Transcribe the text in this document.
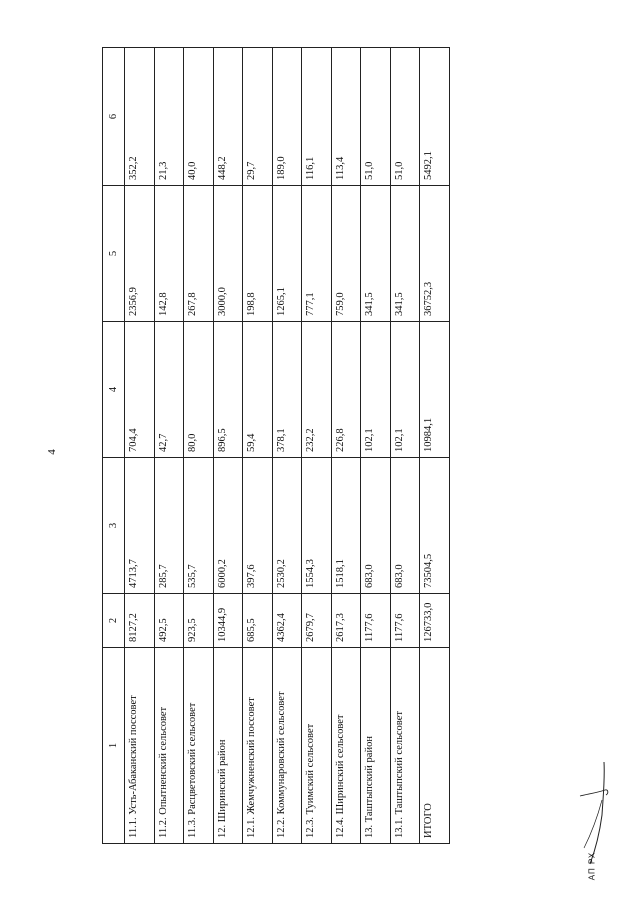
4
1	2	3	4	5	6
11.1. Усть-Абаканский поссовет	8127,2	4713,7	704,4	2356,9	352,2
11.2. Опытненский сельсовет	492,5	285,7	42,7	142,8	21,3
11.3. Расцветовский сельсовет	923,5	535,7	80,0	267,8	40,0
12. Ширинский район	10344,9	6000,2	896,5	3000,0	448,2
12.1. Жемчужненский поссовет	685,5	397,6	59,4	198,8	29,7
12.2. Коммунаровский сельсовет	4362,4	2530,2	378,1	1265,1	189,0
12.3. Туимский сельсовет	2679,7	1554,3	232,2	777,1	116,1
12.4. Ширинский сельсовет	2617,3	1518,1	226,8	759,0	113,4
13. Таштыпский район	1177,6	683,0	102,1	341,5	51,0
13.1. Таштыпский сельсовет	1177,6	683,0	102,1	341,5	51,0
ИТОГО	126733,0	73504,5	10984,1	36752,3	5492,1
АП РХ
